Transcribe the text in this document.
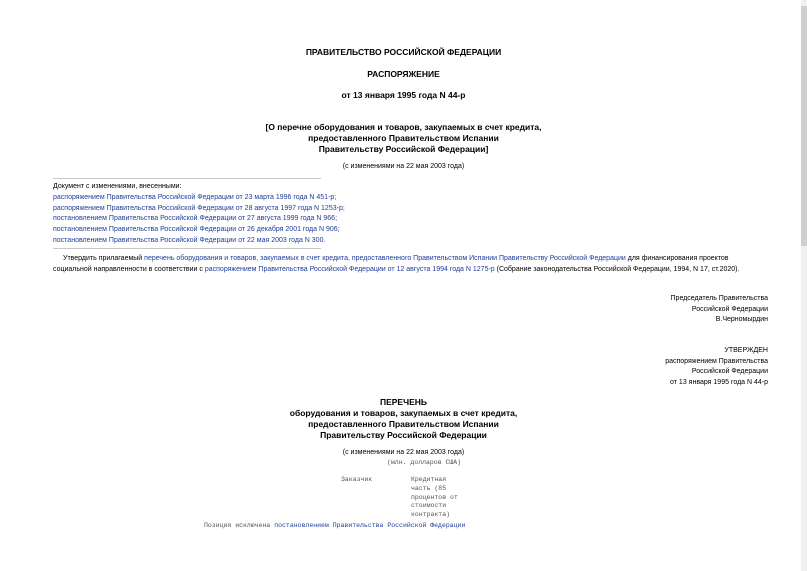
ПРАВИТЕЛЬСТВО РОССИЙСКОЙ ФЕДЕРАЦИИ
РАСПОРЯЖЕНИЕ
от 13 января 1995 года N 44-р
[О перечне оборудования и товаров, закупаемых в счет кредита,
предоставленного Правительством Испании
Правительству Российской Федерации]
(с изменениями на 22 мая 2003 года)
Документ с изменениями, внесенными:
распоряжением Правительства Российской Федерации от 23 марта 1996 года N 451-р;
распоряжением Правительства Российской Федерации от 28 августа 1997 года N 1253-р;
постановлением Правительства Российской Федерации от 27 августа 1999 года N 966;
постановлением Правительства Российской Федерации от 26 декабря 2001 года N 906;
постановлением Правительства Российской Федерации от 22 мая 2003 года N 300.
Утвердить прилагаемый перечень оборудования и товаров, закупаемых в счет кредита, предоставленного Правительством Испании Правительству Российской Федерации для финансирования проектов
социальной направленности в соответствии с распоряжением Правительства Российской Федерации от 12 августа 1994 года N 1275-р (Собрание законодательства Российской Федерации, 1994, N 17, ст.2020).
Председатель Правительства
Российской Федерации
В.Черномырдин
УТВЕРЖДЕН
распоряжением Правительства
Российской Федерации
от 13 января 1995 года N 44-р
ПЕРЕЧЕНЬ
оборудования и товаров, закупаемых в счет кредита,
предоставленного Правительством Испании
Правительству Российской Федерации
(с изменениями на 22 мая 2003 года)
(млн. долларов США)
Заказчик	Кредитная
часть (85
процентов от
стоимости
контракта)
Позиция исключена постановлением Правительства Российской Федерации
